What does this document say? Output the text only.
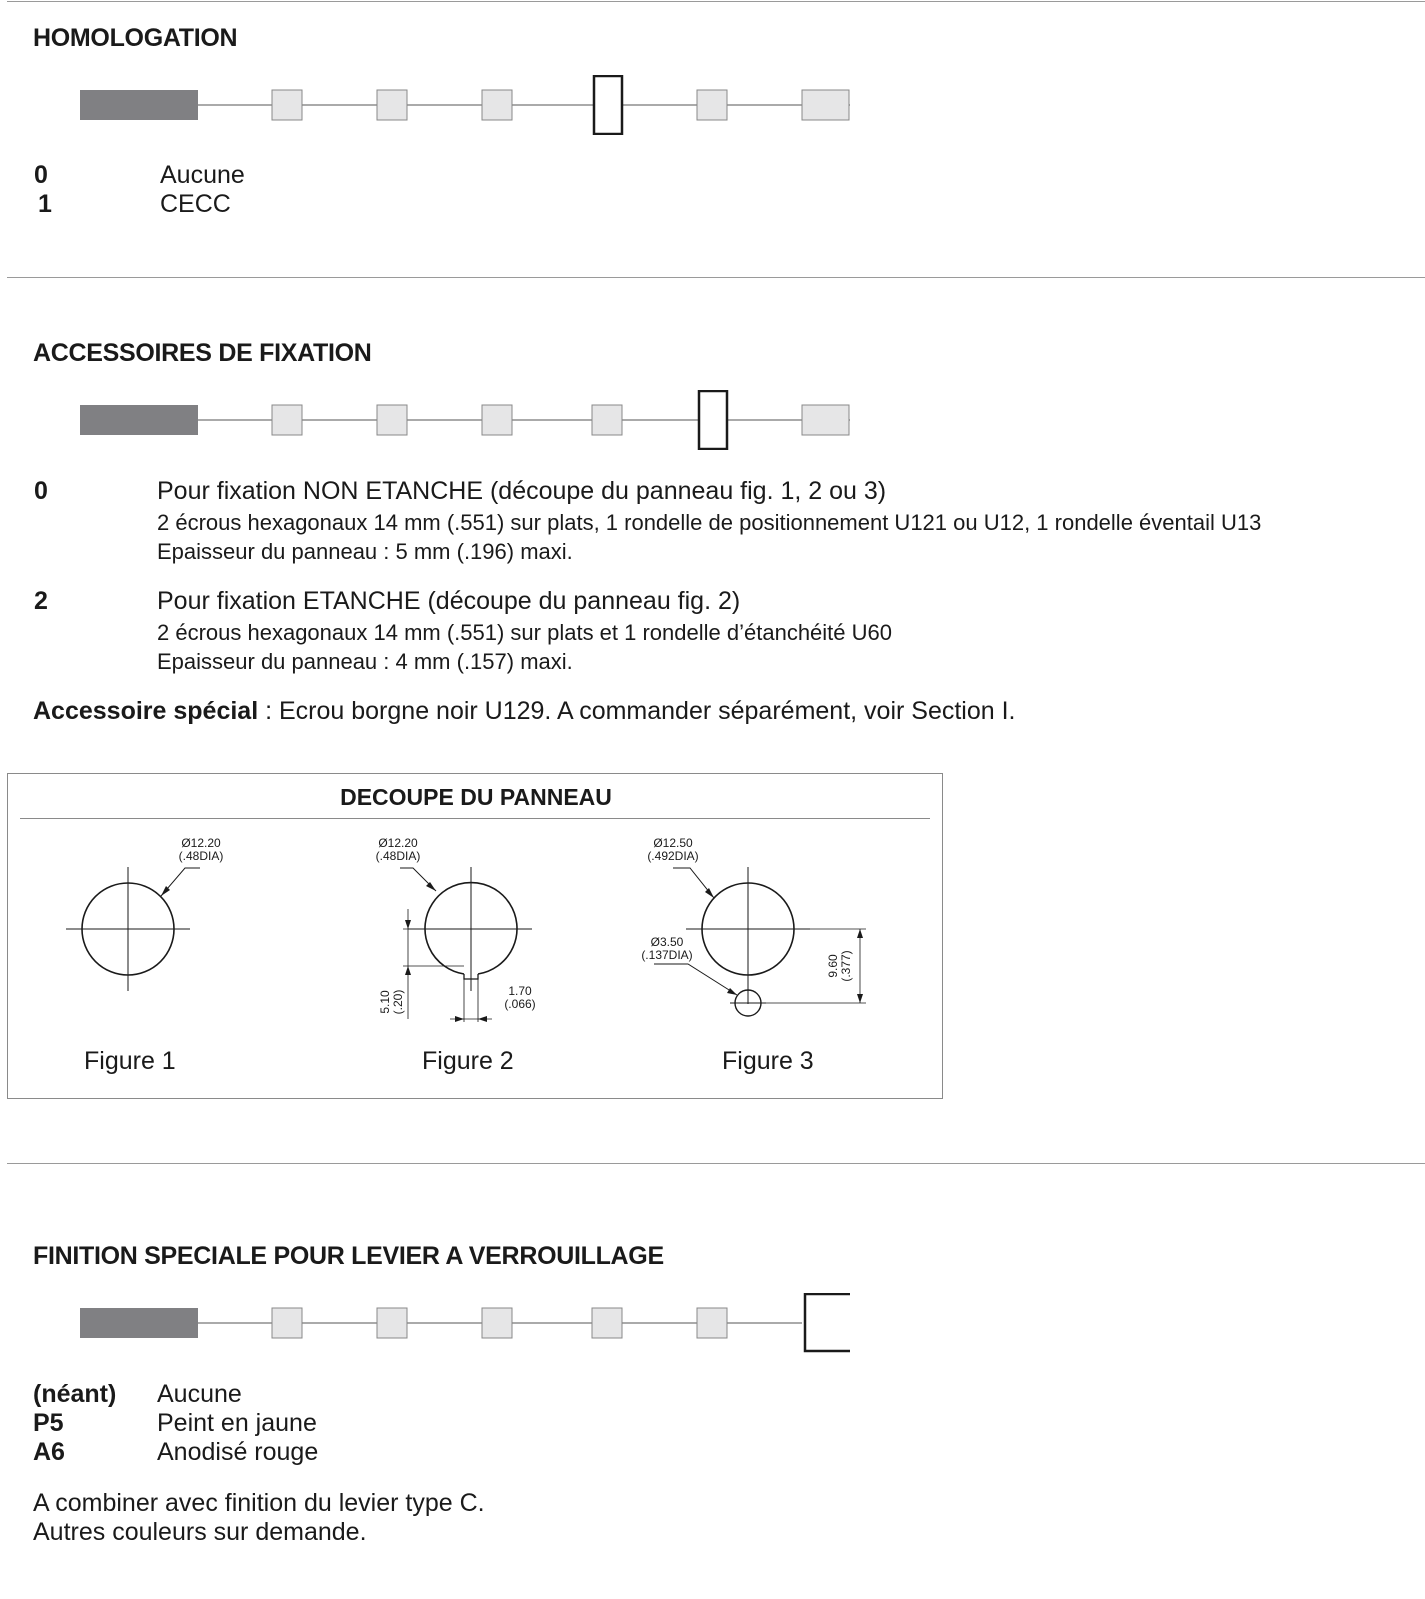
HOMOLOGATION
0	Aucune
1	CECC
ACCESSOIRES DE FIXATION
0	Pour fixation NON ETANCHE (découpe du panneau fig. 1, 2 ou 3)
2 écrous hexagonaux 14 mm (.551) sur plats, 1 rondelle de positionnement U121 ou U12, 1 rondelle éventail U13
Epaisseur du panneau : 5 mm (.196) maxi.
2	Pour fixation ETANCHE (découpe du panneau fig. 2)
2 écrous hexagonaux 14 mm (.551) sur plats et 1 rondelle d’étanchéité U60
Epaisseur du panneau : 4 mm (.157) maxi.
Accessoire spécial : Ecrou borgne noir U129. A commander séparément, voir Section I.
DECOUPE DU PANNEAU
Ø12.20
(.48DIA)
Ø12.20
(.48DIA)
5.10 (.20)	1.70
(.066)
Ø12.50
(.492DIA)
Ø3.50
(.137DIA)	9.60 (.377)
Figure 1	Figure 2	Figure 3
FINITION SPECIALE POUR LEVIER A VERROUILLAGE
(néant) Aucune
P5	Peint en jaune
A6	Anodisé rouge
A combiner avec finition du levier type C.
Autres couleurs sur demande.
